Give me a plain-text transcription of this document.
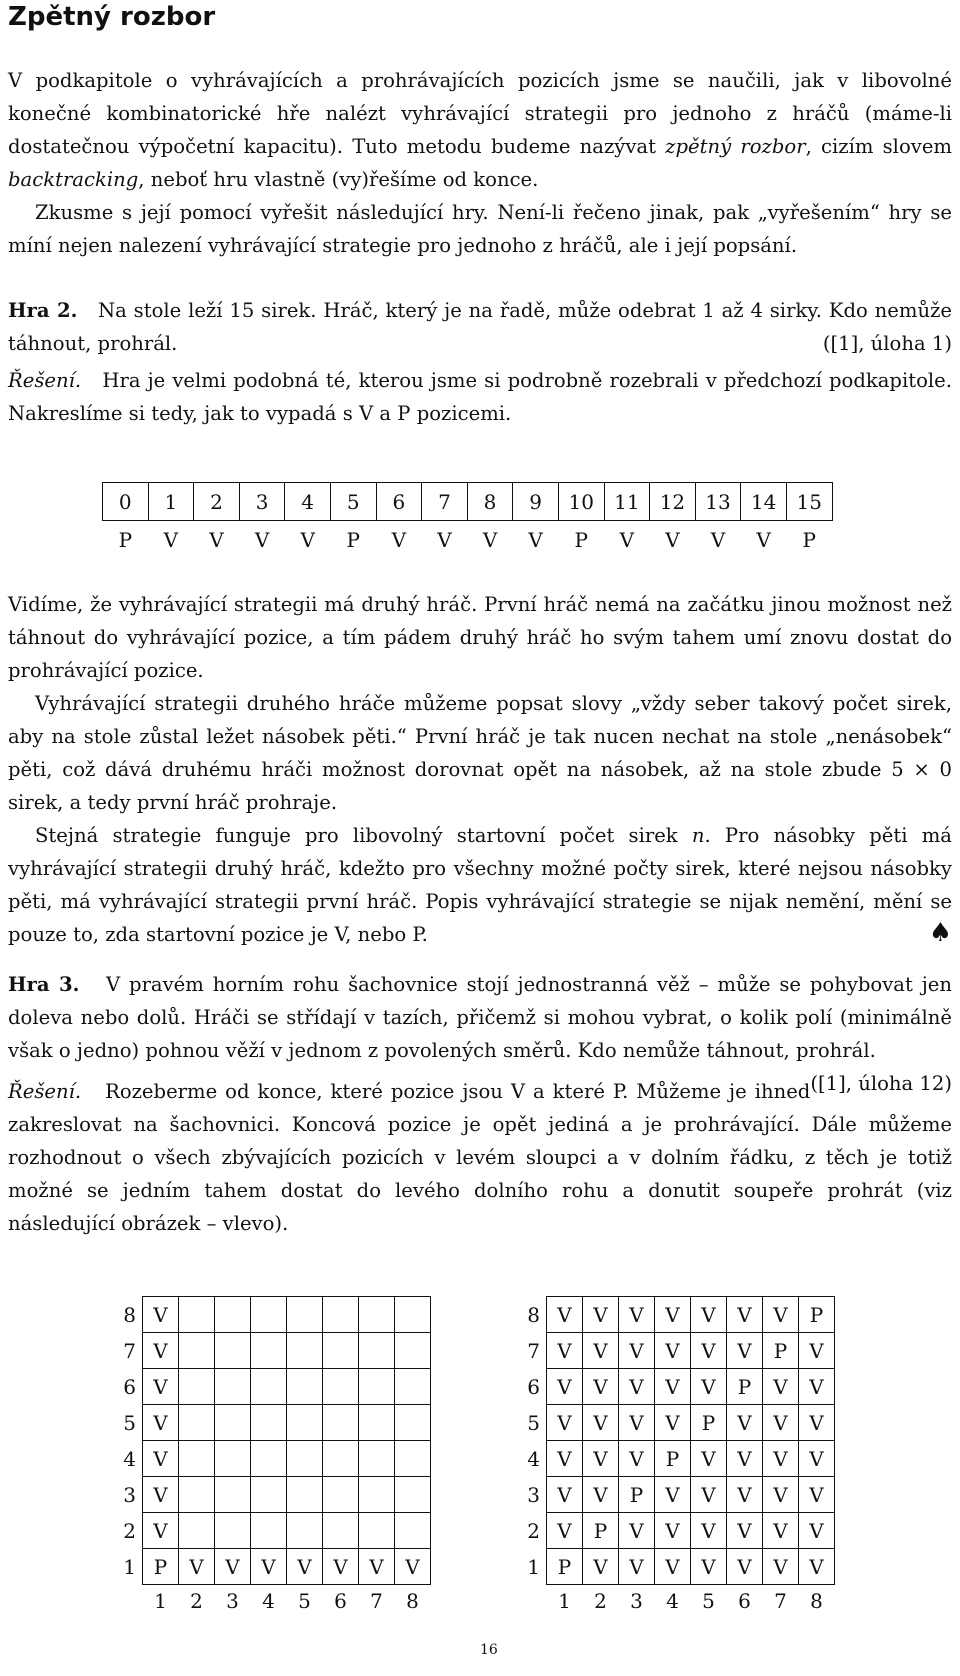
Zpětný rozbor

V podkapitole o vyhrávajících a prohrávajících pozicích jsme se naučili, jak v libovolné konečné kombinatorické hře nalézt vyhrávající strategii pro jednoho z hráčů (máme-li dostatečnou výpočetní kapacitu). Tuto metodu budeme nazývat zpětný rozbor, cizím slovem backtracking, neboť hru vlastně (vy)řešíme od konce.

Zkusme s její pomocí vyřešit následující hry. Není-li řečeno jinak, pak „vyřešením“ hry se míní nejen nalezení vyhrávající strategie pro jednoho z hráčů, ale i její popsání.

Hra 2. Na stole leží 15 sirek. Hráč, který je na řadě, může odebrat 1 až 4 sirky. Kdo nemůže táhnout, prohrál.	([1], úloha 1)

Řešení. Hra je velmi podobná té, kterou jsme si podrobně rozebrali v předchozí podkapitole. Nakreslíme si tedy, jak to vypadá s V a P pozicemi.

0	1	2	3	4	5	6	7	8	9	10	11	12	13	14	15
P	V	V	V	V	P	V	V	V	V	P	V	V	V	V	P

Vidíme, že vyhrávající strategii má druhý hráč. První hráč nemá na začátku jinou možnost než táhnout do vyhrávající pozice, a tím pádem druhý hráč ho svým tahem umí znovu dostat do prohrávající pozice.

Vyhrávající strategii druhého hráče můžeme popsat slovy „vždy seber takový počet sirek, aby na stole zůstal ležet násobek pěti.“ První hráč je tak nucen nechat na stole „nenásobek“ pěti, což dává druhému hráči možnost dorovnat opět na násobek, až na stole zbude 5 × 0 sirek, a tedy první hráč prohraje.

Stejná strategie funguje pro libovolný startovní počet sirek n. Pro násobky pěti má vyhrávající strategii druhý hráč, kdežto pro všechny možné počty sirek, které nejsou násobky pěti, má vyhrávající strategii první hráč. Popis vyhrávající strategie se nijak nemění, mění se pouze to, zda startovní pozice je V, nebo P.	♠

Hra 3. V pravém horním rohu šachovnice stojí jednostranná věž – může se pohybovat jen doleva nebo dolů. Hráči se střídají v tazích, přičemž si mohou vybrat, o kolik polí (minimálně však o jedno) pohnou věží v jednom z povolených směrů. Kdo nemůže táhnout, prohrál.
([1], úloha 12)

Řešení. Rozeberme od konce, které pozice jsou V a které P. Můžeme je ihned zakreslovat na šachovnici. Koncová pozice je opět jediná a je prohrávající. Dále můžeme rozhodnout o všech zbývajících pozicích v levém sloupci a v dolním řádku, z těch je totiž možné se jedním tahem dostat do levého dolního rohu a donutit soupeře prohrát (viz následující obrázek – vlevo).

8	V							
7	V							
6	V							
5	V							
4	V							
3	V							
2	V							
1	P	V	V	V	V	V	V	V
	1	2	3	4	5	6	7	8
8	V	V	V	V	V	V	V	P
7	V	V	V	V	V	V	P	V
6	V	V	V	V	V	P	V	V
5	V	V	V	V	P	V	V	V
4	V	V	V	P	V	V	V	V
3	V	V	P	V	V	V	V	V
2	V	P	V	V	V	V	V	V
1	P	V	V	V	V	V	V	V
	1	2	3	4	5	6	7	8
16
